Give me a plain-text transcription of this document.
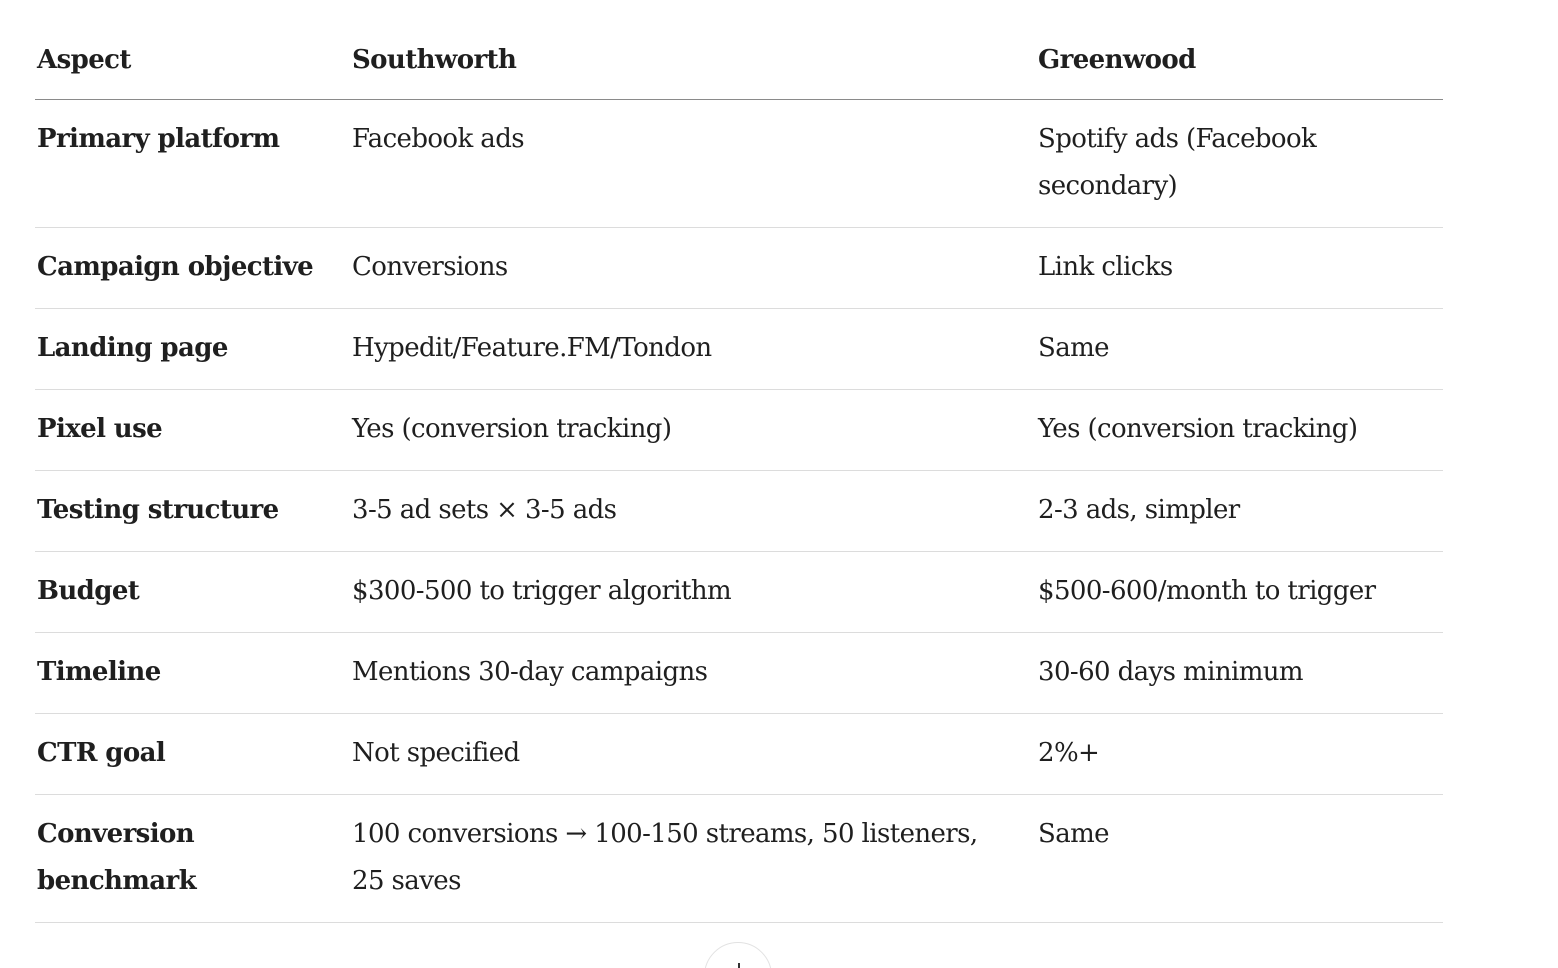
Aspect	Southworth	Greenwood
Primary platform	Facebook ads	Spotify ads (Facebook secondary)
Campaign objective	Conversions	Link clicks
Landing page	Hypedit/Feature.FM/Tondon	Same
Pixel use	Yes (conversion tracking)	Yes (conversion tracking)
Testing structure	3-5 ad sets × 3-5 ads	2-3 ads, simpler
Budget	$300-500 to trigger algorithm	$500-600/month to trigger
Timeline	Mentions 30-day campaigns	30-60 days minimum
CTR goal	Not specified	2%+
Conversion benchmark	100 conversions → 100-150 streams, 50 listeners, 25 saves	Same
